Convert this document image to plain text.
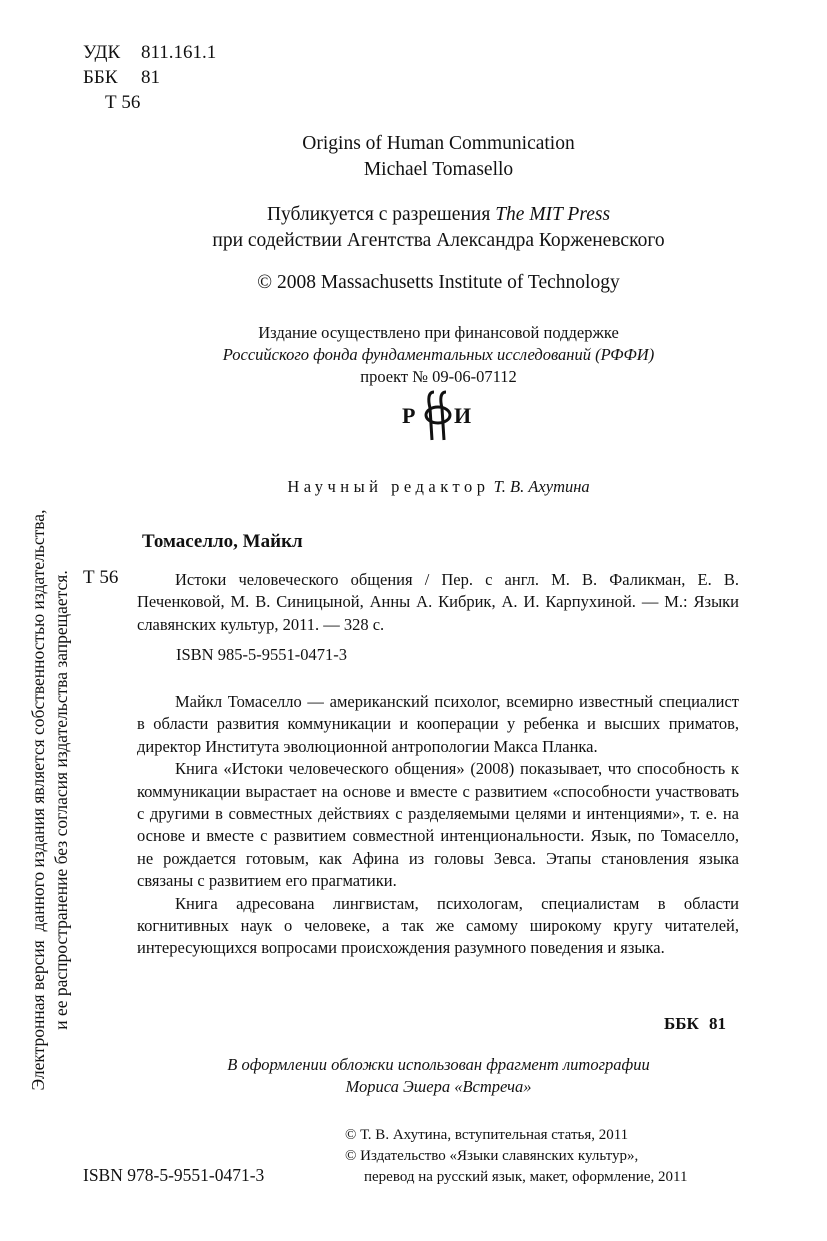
УДК 811.161.1
ББК 81
Т 56
Origins of Human Communication
Michael Tomasello
Публикуется с разрешения The MIT Press
при содействии Агентства Александра Корженевского
© 2008 Massachusetts Institute of Technology
Издание осуществлено при финансовой поддержке
Российского фонда фундаментальных исследований (РФФИ)
проект № 09-06-07112
Р И
Научный редактор Т. В. Ахутина
Томаселло, Майкл
Т 56	Истоки человеческого общения / Пер. с англ. М. В. Фаликман, Е. В. Печенковой, М. В. Синицыной, Анны А. Кибрик, А. И. Карпухиной. — М.: Языки славянских культур, 2011. — 328 с.

ISBN 985-5-9551-0471-3

Майкл Томаселло — американский психолог, всемирно известный специалист в области развития коммуникации и кооперации у ребенка и высших приматов, директор Института эволюционной антропологии Макса Планка.

Книга «Истоки человеческого общения» (2008) показывает, что способность к коммуникации вырастает на основе и вместе с развитием «способности участвовать с другими в совместных действиях с разделяемыми целями и интенциями», т. е. на основе и вместе с развитием совместной интенциональности. Язык, по Томаселло, не рождается готовым, как Афина из головы Зевса. Этапы становления языка связаны с развитием его прагматики.

Книга адресована лингвистам, психологам, специалистам в области когнитивных наук о человеке, а так же самому широкому кругу читателей, интересующихся вопросами происхождения разумного поведения и языка.

ББК 81
В оформлении обложки использован фрагмент литографии
Мориса Эшера «Встреча»
© Т. В. Ахутина, вступительная статья, 2011
© Издательство «Языки славянских культур»,
перевод на русский язык, макет, оформление, 2011
ISBN 978-5-9551-0471-3
Электронная версия  данного издания является собственностью издательства, и ее распространение без согласия издательства запрещается.
